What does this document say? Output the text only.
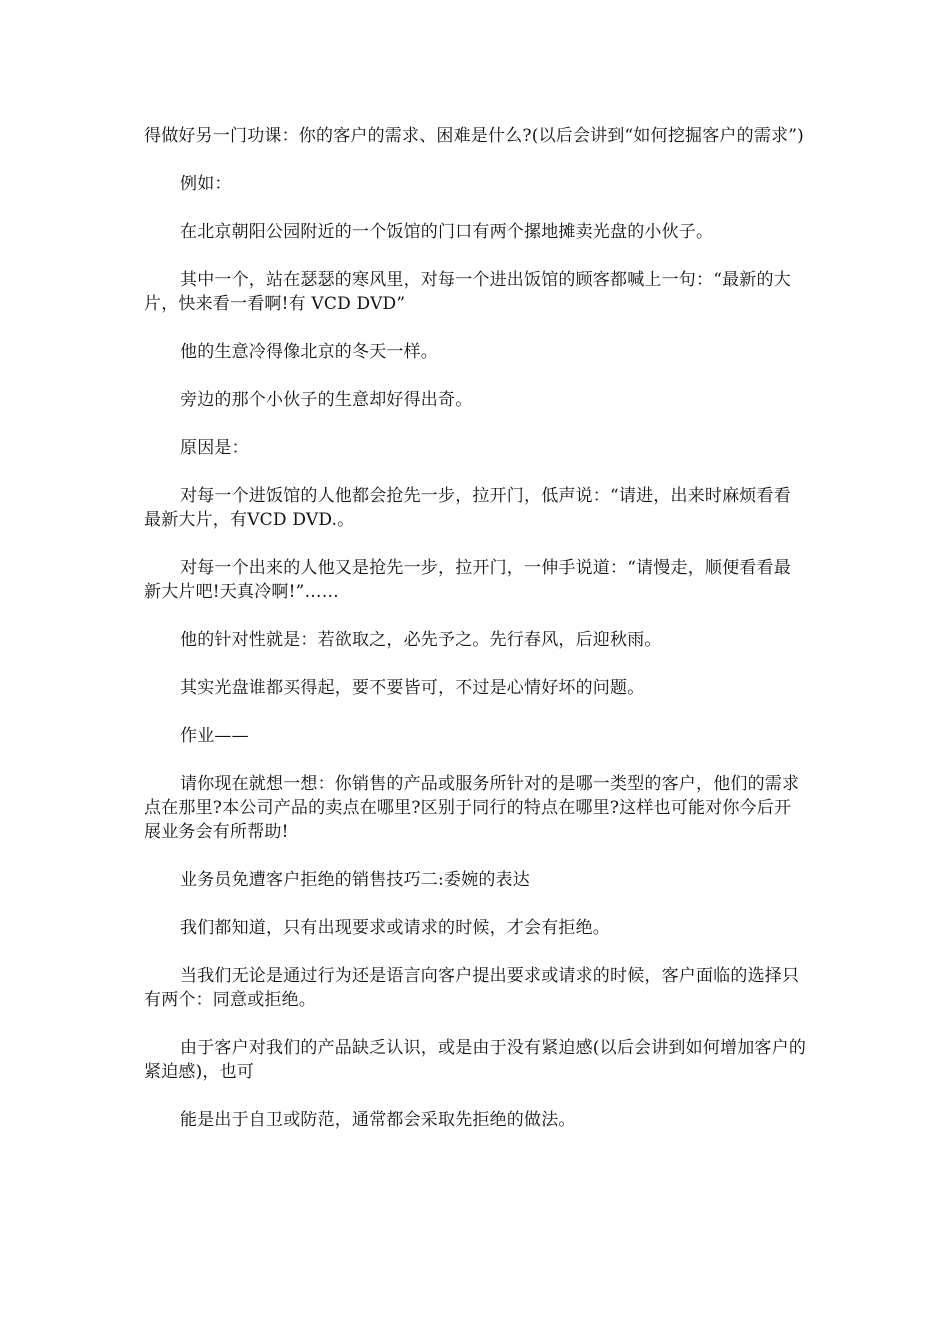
得做好另一门功课：你的客户的需求、困难是什么?(以后会讲到“如何挖掘客户的需求”)

例如：

在北京朝阳公园附近的一个饭馆的门口有两个摞地摊卖光盘的小伙子。

其中一个，站在瑟瑟的寒风里，对每一个进出饭馆的顾客都喊上一句：“最新的大片，快来看一看啊!有 VCD DVD”

他的生意冷得像北京的冬天一样。

旁边的那个小伙子的生意却好得出奇。

原因是：

对每一个进饭馆的人他都会抢先一步，拉开门，低声说：“请进，出来时麻烦看看最新大片，有VCD DVD.。

对每一个出来的人他又是抢先一步，拉开门，一伸手说道：“请慢走，顺便看看最新大片吧!天真冷啊!”……

他的针对性就是：若欲取之，必先予之。先行春风，后迎秋雨。

其实光盘谁都买得起，要不要皆可，不过是心情好坏的问题。

作业——

请你现在就想一想：你销售的产品或服务所针对的是哪一类型的客户，他们的需求点在那里?本公司产品的卖点在哪里?区别于同行的特点在哪里?这样也可能对你今后开展业务会有所帮助!

业务员免遭客户拒绝的销售技巧二:委婉的表达

我们都知道，只有出现要求或请求的时候，才会有拒绝。

当我们无论是通过行为还是语言向客户提出要求或请求的时候，客户面临的选择只有两个：同意或拒绝。

由于客户对我们的产品缺乏认识，或是由于没有紧迫感(以后会讲到如何增加客户的紧迫感)，也可

能是出于自卫或防范，通常都会采取先拒绝的做法。
